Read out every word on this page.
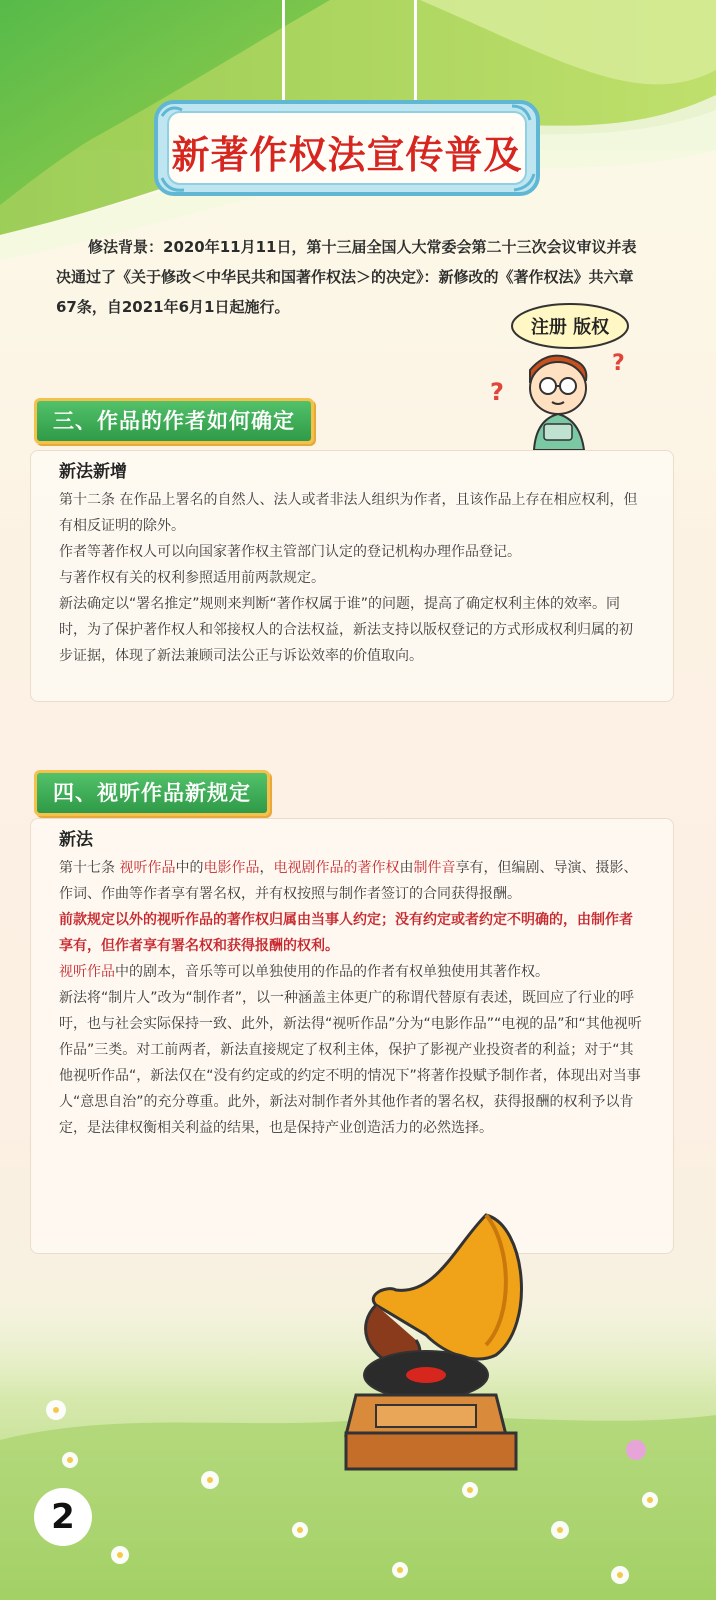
新著作权法宣传普及
修法背景：2020年11月11日，第十三届全国人大常委会第二十三次会议审议并表决通过了《关于修改＜中华民共和国著作权法＞的决定》：新修改的《著作权法》共六章67条，自2021年6月1日起施行。
注册 版权
?
?
三、作品的作者如何确定
新法新增

第十二条 在作品上署名的自然人、法人或者非法人组织为作者，且该作品上存在相应权利，但有相反证明的除外。

作者等著作权人可以向国家著作权主管部门认定的登记机构办理作品登记。

与著作权有关的权利参照适用前两款规定。

新法确定以“署名推定”规则来判断“著作权属于谁”的问题，提高了确定权利主体的效率。同时，为了保护著作权人和邻接权人的合法权益，新法支持以版权登记的方式形成权利归属的初步证据，体现了新法兼顾司法公正与诉讼效率的价值取向。

四、视听作品新规定
新法

第十七条 视听作品中的电影作品，电视剧作品的著作权由制件音享有，但编剧、导演、摄影、作词、作曲等作者享有署名权，并有权按照与制作者签订的合同获得报酬。

前款规定以外的视听作品的著作权归属由当事人约定；没有约定或者约定不明确的，由制作者享有，但作者享有署名权和获得报酬的权利。

视听作品中的剧本，音乐等可以单独使用的作品的作者有权单独使用其著作权。

新法将“制片人”改为“制作者”，以一种涵盖主体更广的称谓代替原有表述，既回应了行业的呼吁，也与社会实际保持一致、此外，新法得“视听作品”分为“电影作品”“电视的品”和“其他视听作品”三类。对工前两者，新法直接规定了权利主体，保护了影视产业投资者的利益；对于“其他视听作品“，新法仅在“没有约定或的约定不明的情况下”将著作投赋予制作者，体现出对当事人“意思自治”的充分尊重。此外，新法对制作者外其他作者的署名权，获得报酬的权利予以肯定，是法律权衡相关利益的结果，也是保持产业创造活力的必然选择。

2
